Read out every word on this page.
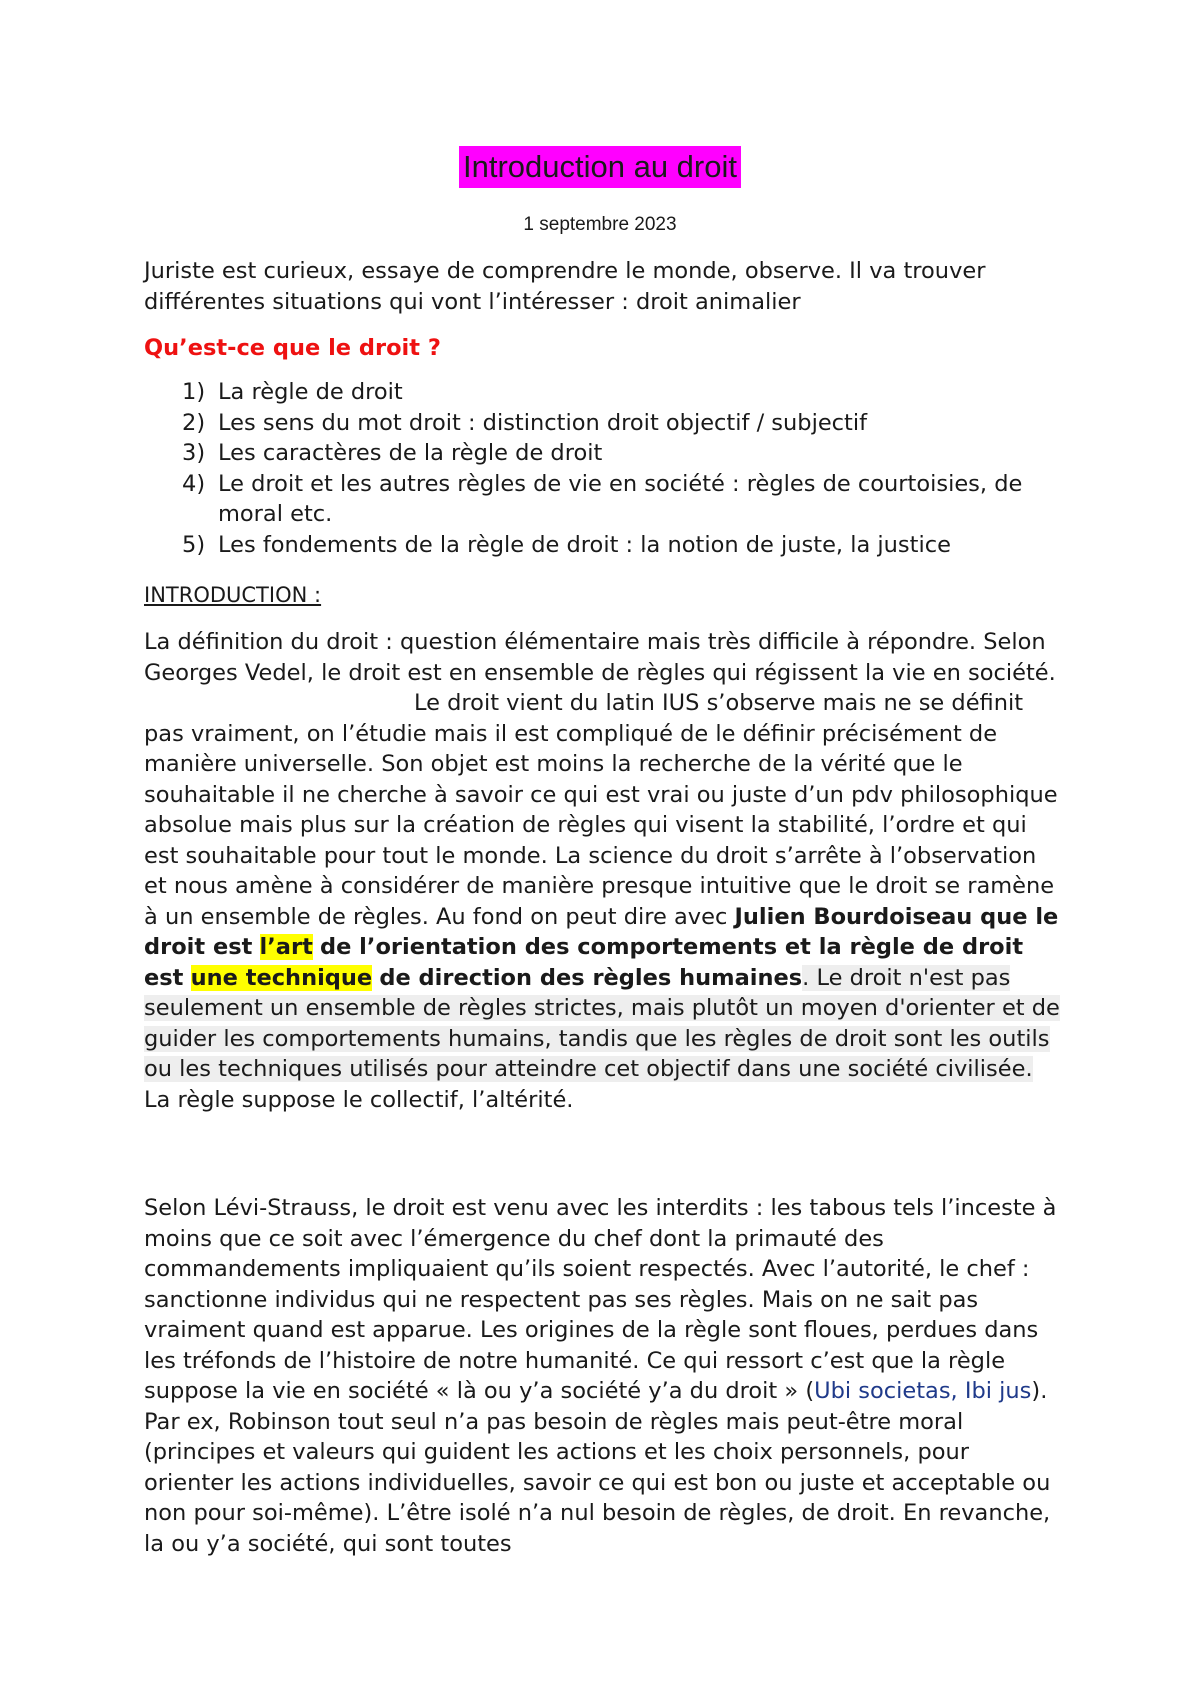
Introduction au droit
1 septembre 2023
Juriste est curieux, essaye de comprendre le monde, observe. Il va trouver différentes situations qui vont l’intéresser : droit animalier
Qu’est-ce que le droit ?
1) La règle de droit
2) Les sens du mot droit : distinction droit objectif / subjectif
3) Les caractères de la règle de droit
4) Le droit et les autres règles de vie en société : règles de courtoisies, de moral etc.
5) Les fondements de la règle de droit : la notion de juste, la justice
INTRODUCTION :
La définition du droit : question élémentaire mais très difficile à répondre. Selon Georges Vedel, le droit est en ensemble de règles qui régissent la vie en société. Le droit vient du latin IUS s’observe mais ne se définit pas vraiment, on l’étudie mais il est compliqué de le définir précisément de manière universelle. Son objet est moins la recherche de la vérité que le souhaitable il ne cherche à savoir ce qui est vrai ou juste d’un pdv philosophique absolue mais plus sur la création de règles qui visent la stabilité, l’ordre et qui est souhaitable pour tout le monde. La science du droit s’arrête à l’observation et nous amène à considérer de manière presque intuitive que le droit se ramène à un ensemble de règles. Au fond on peut dire avec Julien Bourdoiseau que le droit est l’art de l’orientation des comportements et la règle de droit est une technique de direction des règles humaines. Le droit n'est pas seulement un ensemble de règles strictes, mais plutôt un moyen d'orienter et de guider les comportements humains, tandis que les règles de droit sont les outils ou les techniques utilisés pour atteindre cet objectif dans une société civilisée. La règle suppose le collectif, l’altérité.
Selon Lévi-Strauss, le droit est venu avec les interdits : les tabous tels l’inceste à moins que ce soit avec l’émergence du chef dont la primauté des commandements impliquaient qu’ils soient respectés. Avec l’autorité, le chef : sanctionne individus qui ne respectent pas ses règles. Mais on ne sait pas vraiment quand est apparue. Les origines de la règle sont floues, perdues dans les tréfonds de l’histoire de notre humanité. Ce qui ressort c’est que la règle suppose la vie en société « là ou y’a société y’a du droit » (Ubi societas, Ibi jus). Par ex, Robinson tout seul n’a pas besoin de règles mais peut-être moral (principes et valeurs qui guident les actions et les choix personnels, pour orienter les actions individuelles, savoir ce qui est bon ou juste et acceptable ou non pour soi-même). L’être isolé n’a nul besoin de règles, de droit. En revanche, la ou y’a société, qui sont toutes
